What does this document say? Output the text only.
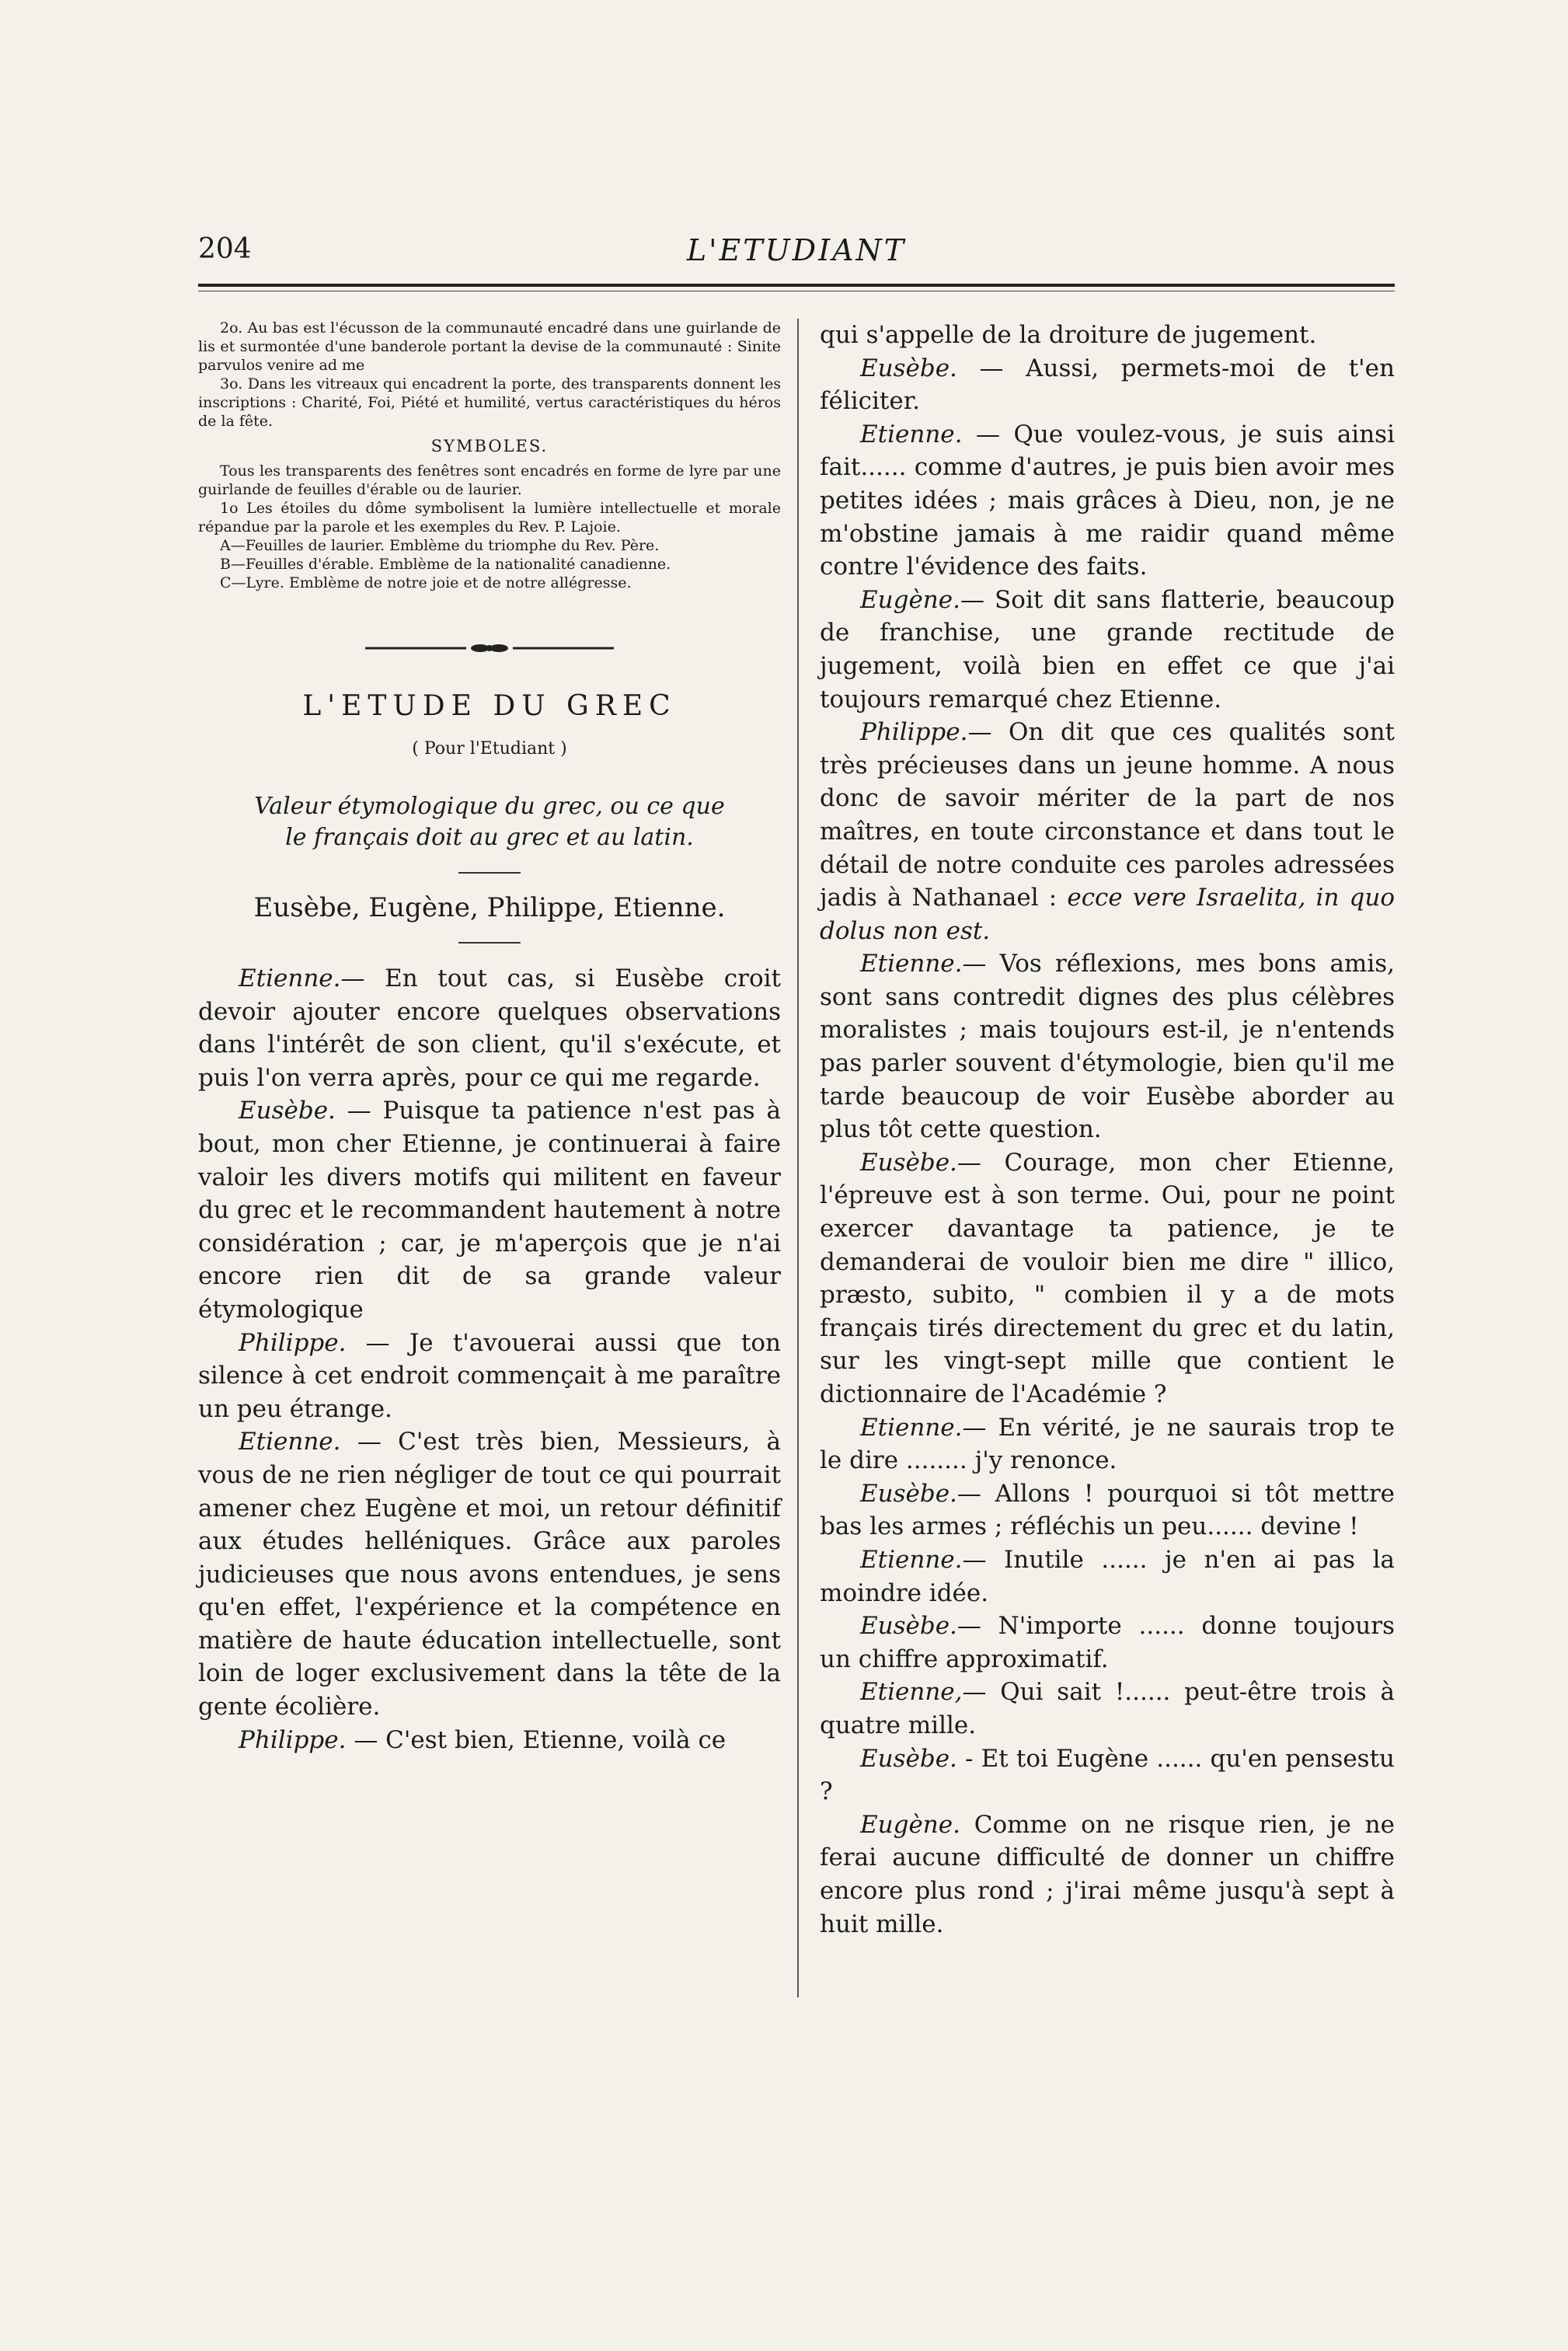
204	L'ETUDIANT

2o. Au bas est l'écusson de la communauté encadré dans une guirlande de lis et surmontée d'une banderole portant la devise de la communauté : Sinite parvulos venire ad me

3o. Dans les vitreaux qui encadrent la porte, des transparents donnent les inscriptions : Charité, Foi, Piété et humilité, vertus caractéristiques du héros de la fête.

SYMBOLES.

Tous les transparents des fenêtres sont encadrés en forme de lyre par une guirlande de feuilles d'érable ou de laurier.

1o Les étoiles du dôme symbolisent la lumière intellectuelle et morale répandue par la parole et les exemples du Rev. P. Lajoie.

A—Feuilles de laurier. Emblème du triomphe du Rev. Père.

B—Feuilles d'érable. Emblème de la nationalité canadienne.

C—Lyre. Emblème de notre joie et de notre allégresse.

L'ETUDE DU GREC
( Pour l'Etudiant )
Valeur étymologique du grec, ou ce que le français doit au grec et au latin.
Eusèbe, Eugène, Philippe, Etienne.

Etienne.— En tout cas, si Eusèbe croit devoir ajouter encore quelques observations dans l'intérêt de son client, qu'il s'exécute, et puis l'on verra après, pour ce qui me regarde.

Eusèbe. — Puisque ta patience n'est pas à bout, mon cher Etienne, je continuerai à faire valoir les divers motifs qui militent en faveur du grec et le recommandent hautement à notre considération ; car, je m'aperçois que je n'ai encore rien dit de sa grande valeur étymologique

Philippe. — Je t'avouerai aussi que ton silence à cet endroit commençait à me paraître un peu étrange.

Etienne. — C'est très bien, Messieurs, à vous de ne rien négliger de tout ce qui pourrait amener chez Eugène et moi, un retour définitif aux études helléniques. Grâce aux paroles judicieuses que nous avons entendues, je sens qu'en effet, l'expérience et la compétence en matière de haute éducation intellectuelle, sont loin de loger exclusivement dans la tête de la gente écolière.

Philippe. — C'est bien, Etienne, voilà ce

qui s'appelle de la droiture de jugement.

Eusèbe. — Aussi, permets-moi de t'en féliciter.

Etienne. — Que voulez-vous, je suis ainsi fait...... comme d'autres, je puis bien avoir mes petites idées ; mais grâces à Dieu, non, je ne m'obstine jamais à me raidir quand même contre l'évidence des faits.

Eugène.— Soit dit sans flatterie, beaucoup de franchise, une grande rectitude de jugement, voilà bien en effet ce que j'ai toujours remarqué chez Etienne.

Philippe.— On dit que ces qualités sont très précieuses dans un jeune homme. A nous donc de savoir mériter de la part de nos maîtres, en toute circonstance et dans tout le détail de notre conduite ces paroles adressées jadis à Nathanael : ecce vere Israelita, in quo dolus non est.

Etienne.— Vos réflexions, mes bons amis, sont sans contredit dignes des plus célèbres moralistes ; mais toujours est-il, je n'entends pas parler souvent d'étymologie, bien qu'il me tarde beaucoup de voir Eusèbe aborder au plus tôt cette question.

Eusèbe.— Courage, mon cher Etienne, l'épreuve est à son terme. Oui, pour ne point exercer davantage ta patience, je te demanderai de vouloir bien me dire " illico, præsto, subito, " combien il y a de mots français tirés directement du grec et du latin, sur les vingt-sept mille que contient le dictionnaire de l'Académie ?

Etienne.— En vérité, je ne saurais trop te le dire ........ j'y renonce.

Eusèbe.— Allons ! pourquoi si tôt mettre bas les armes ; réfléchis un peu...... devine !

Etienne.— Inutile ...... je n'en ai pas la moindre idée.

Eusèbe.— N'importe ...... donne toujours un chiffre approximatif.

Etienne,— Qui sait !...... peut-être trois à quatre mille.

Eusèbe. - Et toi Eugène ...... qu'en pensestu ?

Eugène. Comme on ne risque rien, je ne ferai aucune difficulté de donner un chiffre encore plus rond ; j'irai même jusqu'à sept à huit mille.
